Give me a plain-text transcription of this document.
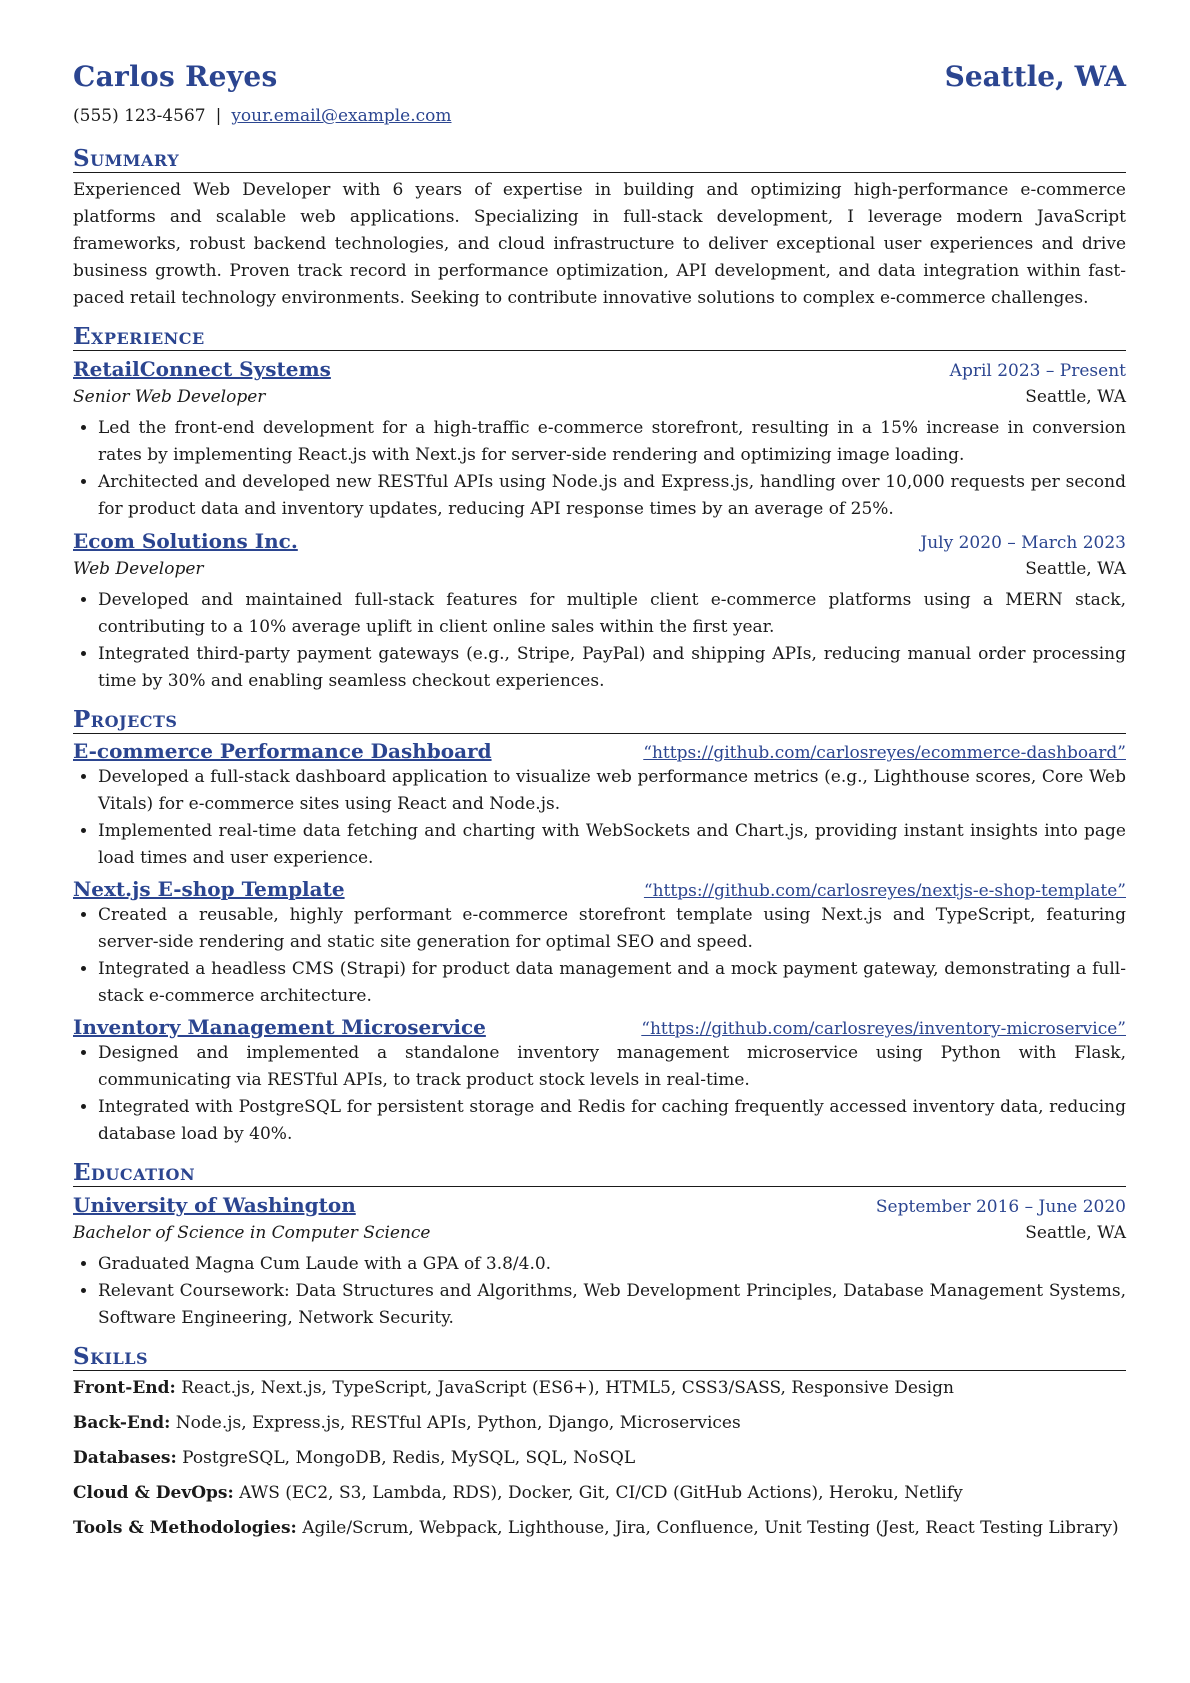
Carlos Reyes	Seattle, WA
(555) 123-4567 | your.email@example.com
Summary
Experienced Web Developer with 6 years of expertise in building and optimizing high-performance e-commerce platforms and scalable web applications. Specializing in full-stack development, I leverage modern JavaScript frameworks, robust backend technologies, and cloud infrastructure to deliver exceptional user experiences and drive business growth. Proven track record in performance optimization, API development, and data integration within fast-paced retail technology environments. Seeking to contribute innovative solutions to complex e-commerce challenges.
Experience
RetailConnect Systems	April 2023 – Present
Senior Web Developer	Seattle, WA
• Led the front-end development for a high-traffic e-commerce storefront, resulting in a 15% increase in conversion rates by implementing React.js with Next.js for server-side rendering and optimizing image loading.
• Architected and developed new RESTful APIs using Node.js and Express.js, handling over 10,000 requests per second for product data and inventory updates, reducing API response times by an average of 25%.
Ecom Solutions Inc.	July 2020 – March 2023
Web Developer	Seattle, WA
• Developed and maintained full-stack features for multiple client e-commerce platforms using a MERN stack, contributing to a 10% average uplift in client online sales within the first year.
• Integrated third-party payment gateways (e.g., Stripe, PayPal) and shipping APIs, reducing manual order processing time by 30% and enabling seamless checkout experiences.
Projects
E-commerce Performance Dashboard	“https://github.com/carlosreyes/ecommerce-dashboard”
• Developed a full-stack dashboard application to visualize web performance metrics (e.g., Lighthouse scores, Core Web Vitals) for e-commerce sites using React and Node.js.
• Implemented real-time data fetching and charting with WebSockets and Chart.js, providing instant insights into page load times and user experience.
Next.js E-shop Template	“https://github.com/carlosreyes/nextjs-e-shop-template”
• Created a reusable, highly performant e-commerce storefront template using Next.js and TypeScript, featuring server-side rendering and static site generation for optimal SEO and speed.
• Integrated a headless CMS (Strapi) for product data management and a mock payment gateway, demonstrating a full-stack e-commerce architecture.
Inventory Management Microservice	“https://github.com/carlosreyes/inventory-microservice”
• Designed and implemented a standalone inventory management microservice using Python with Flask, communicating via RESTful APIs, to track product stock levels in real-time.
• Integrated with PostgreSQL for persistent storage and Redis for caching frequently accessed inventory data, reducing database load by 40%.
Education
University of Washington	September 2016 – June 2020
Bachelor of Science in Computer Science	Seattle, WA
• Graduated Magna Cum Laude with a GPA of 3.8/4.0.
• Relevant Coursework: Data Structures and Algorithms, Web Development Principles, Database Management Systems, Software Engineering, Network Security.
Skills
Front-End: React.js, Next.js, TypeScript, JavaScript (ES6+), HTML5, CSS3/SASS, Responsive Design
Back-End: Node.js, Express.js, RESTful APIs, Python, Django, Microservices
Databases: PostgreSQL, MongoDB, Redis, MySQL, SQL, NoSQL
Cloud & DevOps: AWS (EC2, S3, Lambda, RDS), Docker, Git, CI/CD (GitHub Actions), Heroku, Netlify
Tools & Methodologies: Agile/Scrum, Webpack, Lighthouse, Jira, Confluence, Unit Testing (Jest, React Testing Library)
